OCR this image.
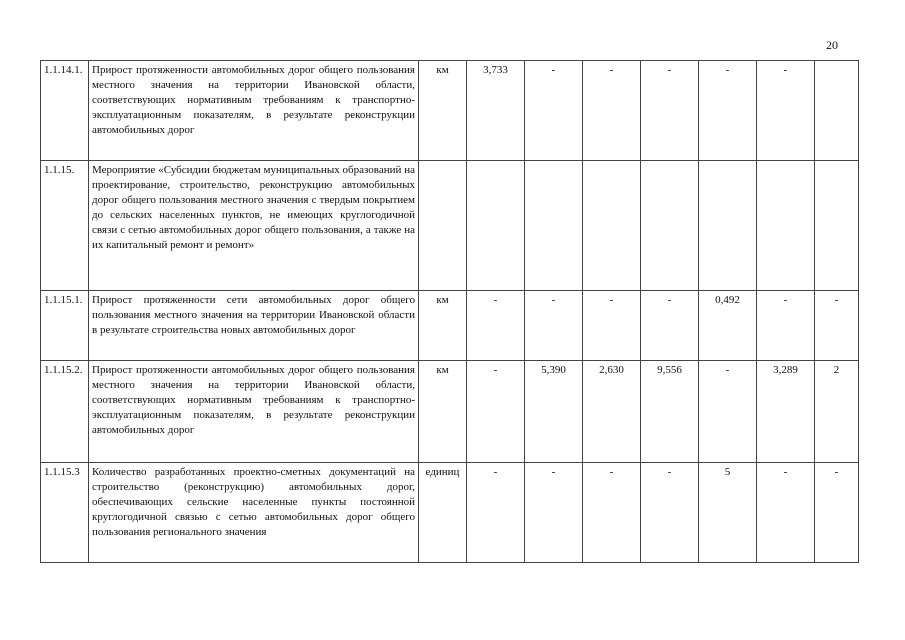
20
1.1.14.1.	Прирост протяженности автомобильных дорог общего пользования местного значения на территории Ивановской области, соответствующих нормативным требованиям к транспортно-эксплуатационным показателям, в результате реконструкции автомобильных дорог	км	3,733	-	-	-	-	-	
1.1.15.	Мероприятие «Субсидии бюджетам муниципальных образований на проектирование, строительство, реконструкцию автомобильных дорог общего пользования местного значения с твердым покрытием до сельских населенных пунктов, не имеющих круглогодичной связи с сетью автомобильных дорог общего пользования, а также на их капитальный ремонт и ремонт»								
1.1.15.1.	Прирост протяженности сети автомобильных дорог общего пользования местного значения на территории Ивановской области в результате строительства новых автомобильных дорог	км	-	-	-	-	0,492	-	-
1.1.15.2.	Прирост протяженности автомобильных дорог общего пользования местного значения на территории Ивановской области, соответствующих нормативным требованиям к транспортно-эксплуатационным показателям, в результате реконструкции автомобильных дорог	км	-	5,390	2,630	9,556	-	3,289	2
1.1.15.3	Количество разработанных проектно-сметных документаций на строительство (реконструкцию) автомобильных дорог, обеспечивающих сельские населенные пункты постоянной круглогодичной связью с сетью автомобильных дорог общего пользования регионального значения	единиц	-	-	-	-	5	-	-
